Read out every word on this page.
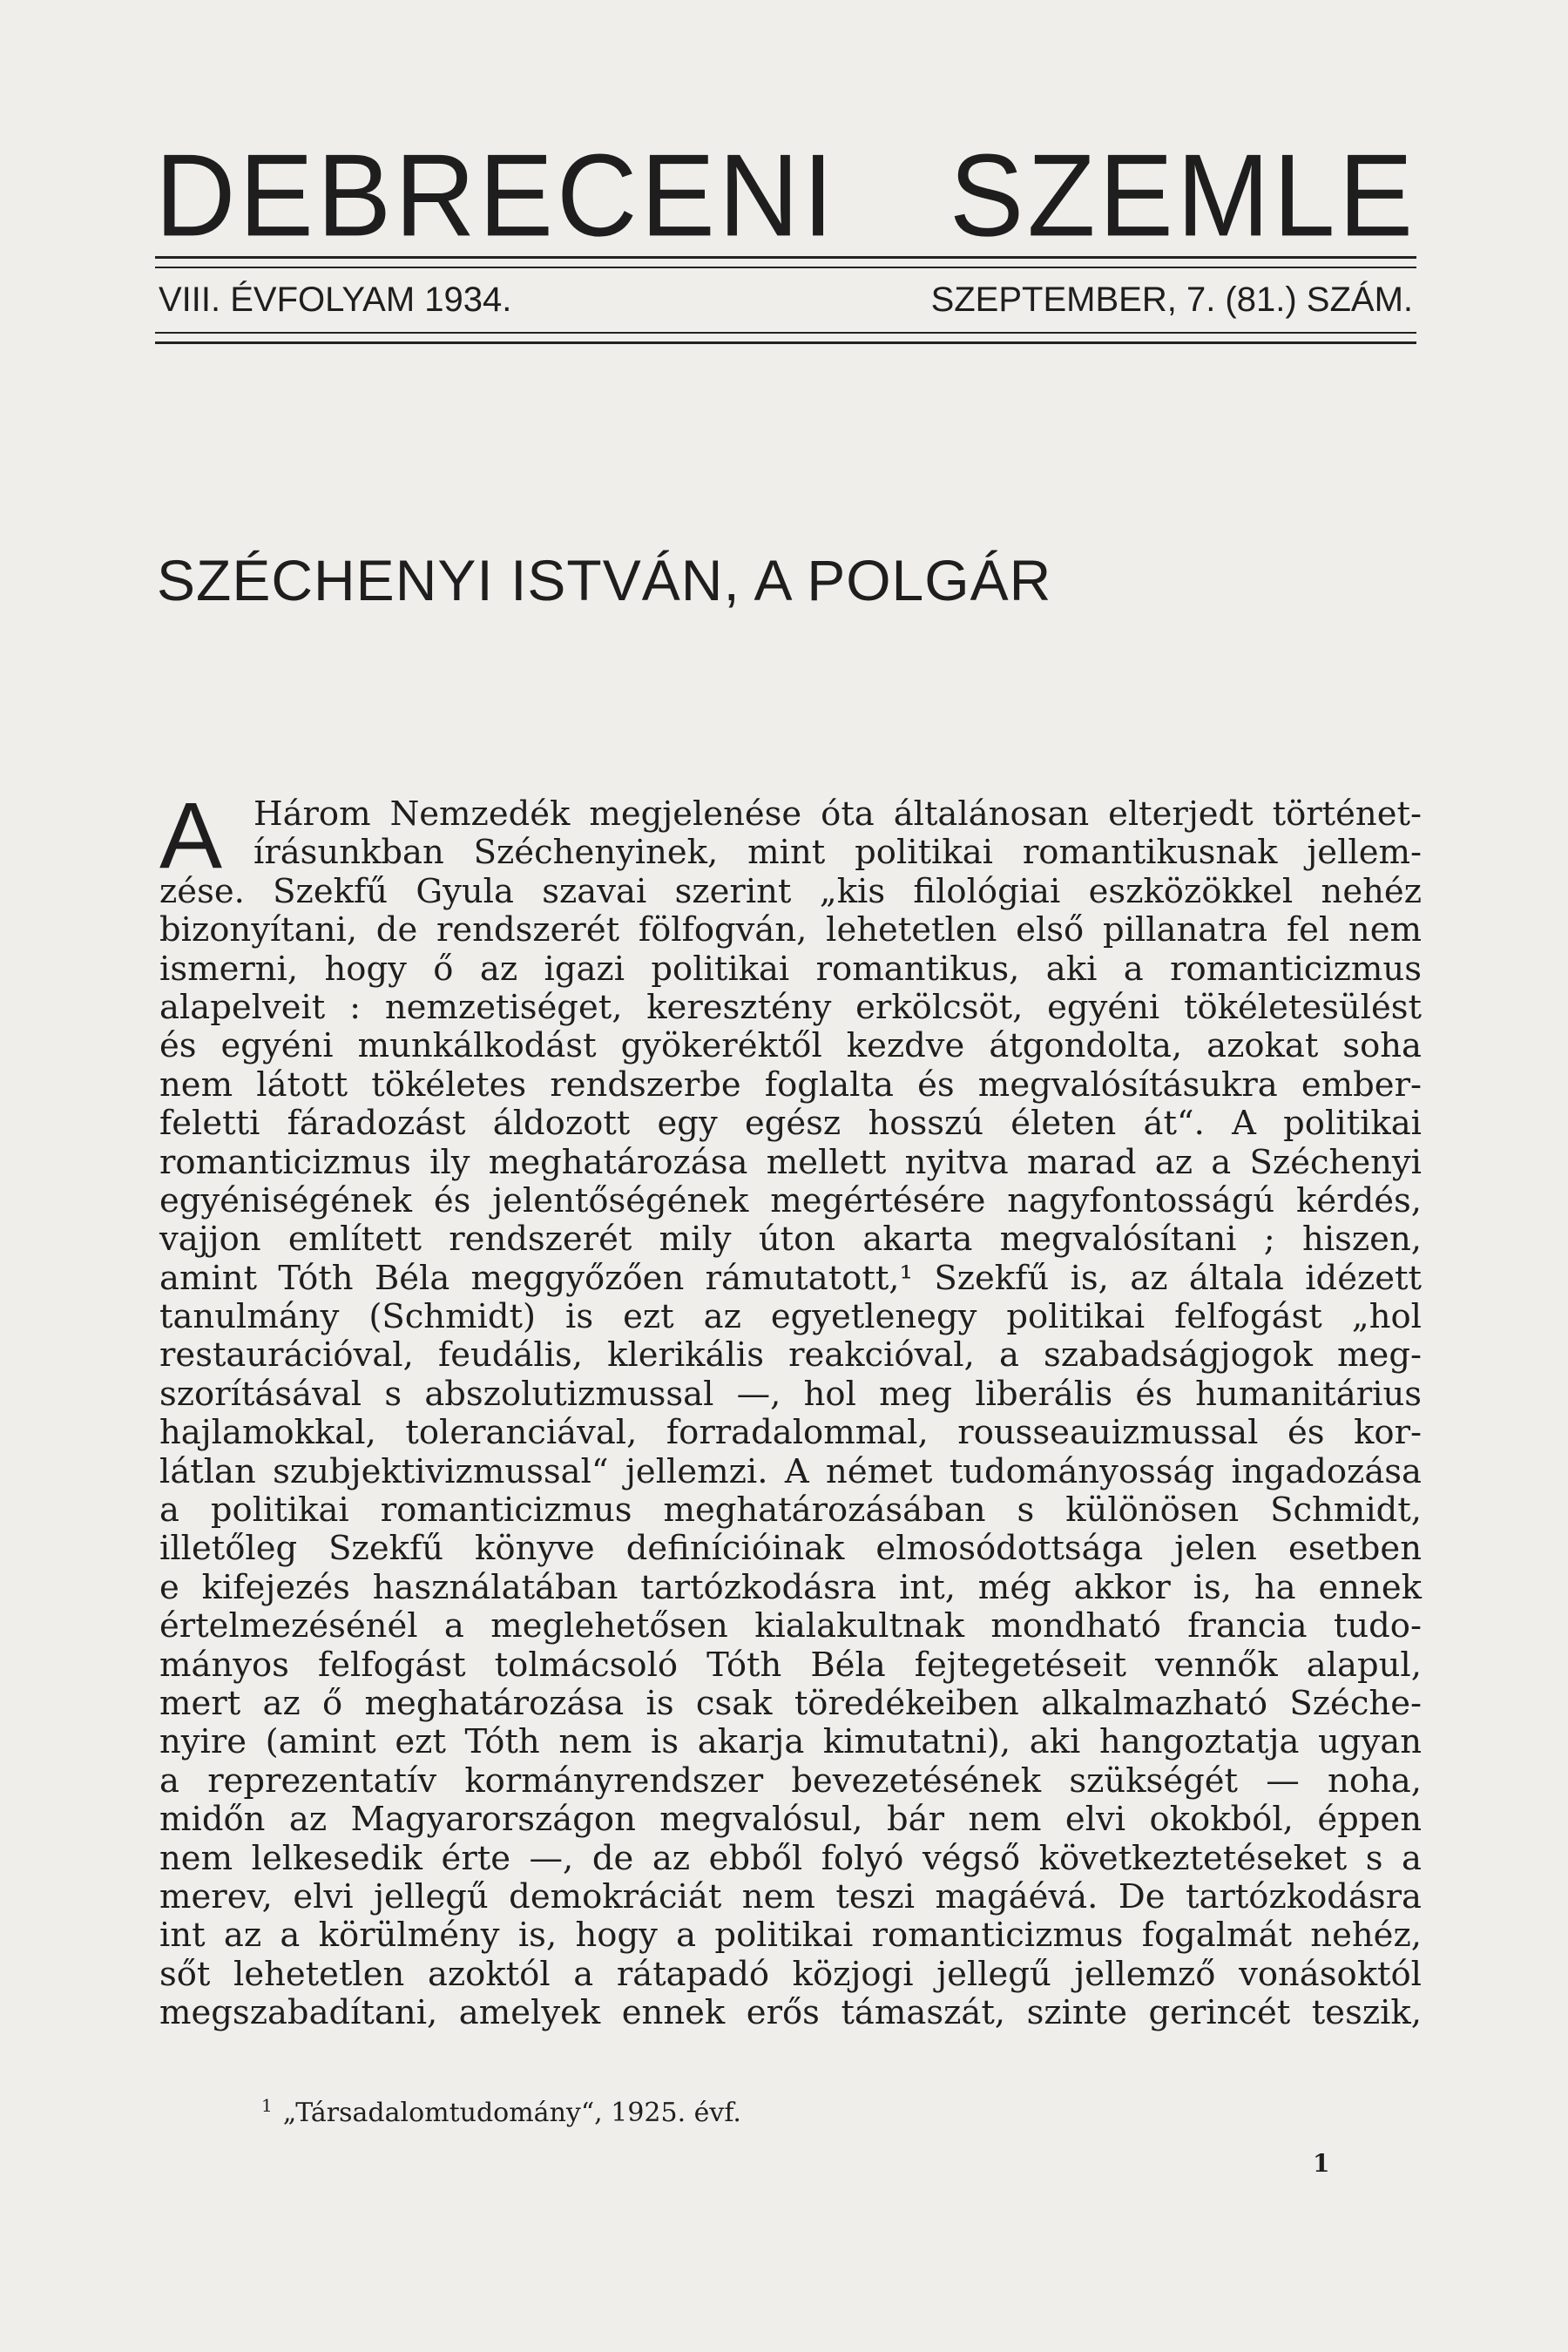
DEBRECENI SZEMLE
VIII. ÉVFOLYAM 1934.	SZEPTEMBER, 7. (81.) SZÁM.
SZÉCHENYI ISTVÁN, A POLGÁR
A Három Nemzedék megjelenése óta általánosan elterjedt történet-
írásunkban Széchenyinek, mint politikai romantikusnak jellem-
zése. Szekfű Gyula szavai szerint „kis filológiai eszközökkel nehéz
bizonyítani, de rendszerét fölfogván, lehetetlen első pillanatra fel nem
ismerni, hogy ő az igazi politikai romantikus, aki a romanticizmus
alapelveit : nemzetiséget, keresztény erkölcsöt, egyéni tökéletesülést
és egyéni munkálkodást gyökeréktől kezdve átgondolta, azokat soha
nem látott tökéletes rendszerbe foglalta és megvalósításukra ember-
feletti fáradozást áldozott egy egész hosszú életen át“. A politikai
romanticizmus ily meghatározása mellett nyitva marad az a Széchenyi
egyéniségének és jelentőségének megértésére nagyfontosságú kérdés,
vajjon említett rendszerét mily úton akarta megvalósítani ; hiszen,
amint Tóth Béla meggyőzően rámutatott,¹ Szekfű is, az általa idézett
tanulmány (Schmidt) is ezt az egyetlenegy politikai felfogást „hol
restaurációval, feudális, klerikális reakcióval, a szabadságjogok meg-
szorításával s abszolutizmussal —, hol meg liberális és humanitárius
hajlamokkal, toleranciával, forradalommal, rousseauizmussal és kor-
látlan szubjektivizmussal“ jellemzi. A német tudományosság ingadozása
a politikai romanticizmus meghatározásában s különösen Schmidt,
illetőleg Szekfű könyve definícióinak elmosódottsága jelen esetben
e kifejezés használatában tartózkodásra int, még akkor is, ha ennek
értelmezésénél a meglehetősen kialakultnak mondható francia tudo-
mányos felfogást tolmácsoló Tóth Béla fejtegetéseit vennők alapul,
mert az ő meghatározása is csak töredékeiben alkalmazható Széche-
nyire (amint ezt Tóth nem is akarja kimutatni), aki hangoztatja ugyan
a reprezentatív kormányrendszer bevezetésének szükségét — noha,
midőn az Magyarországon megvalósul, bár nem elvi okokból, éppen
nem lelkesedik érte —, de az ebből folyó végső következtetéseket s a
merev, elvi jellegű demokráciát nem teszi magáévá. De tartózkodásra
int az a körülmény is, hogy a politikai romanticizmus fogalmát nehéz,
sőt lehetetlen azoktól a rátapadó közjogi jellegű jellemző vonásoktól
megszabadítani, amelyek ennek erős támaszát, szinte gerincét teszik,
$^1$ „Társadalomtudomány“, 1925. évf.
1
